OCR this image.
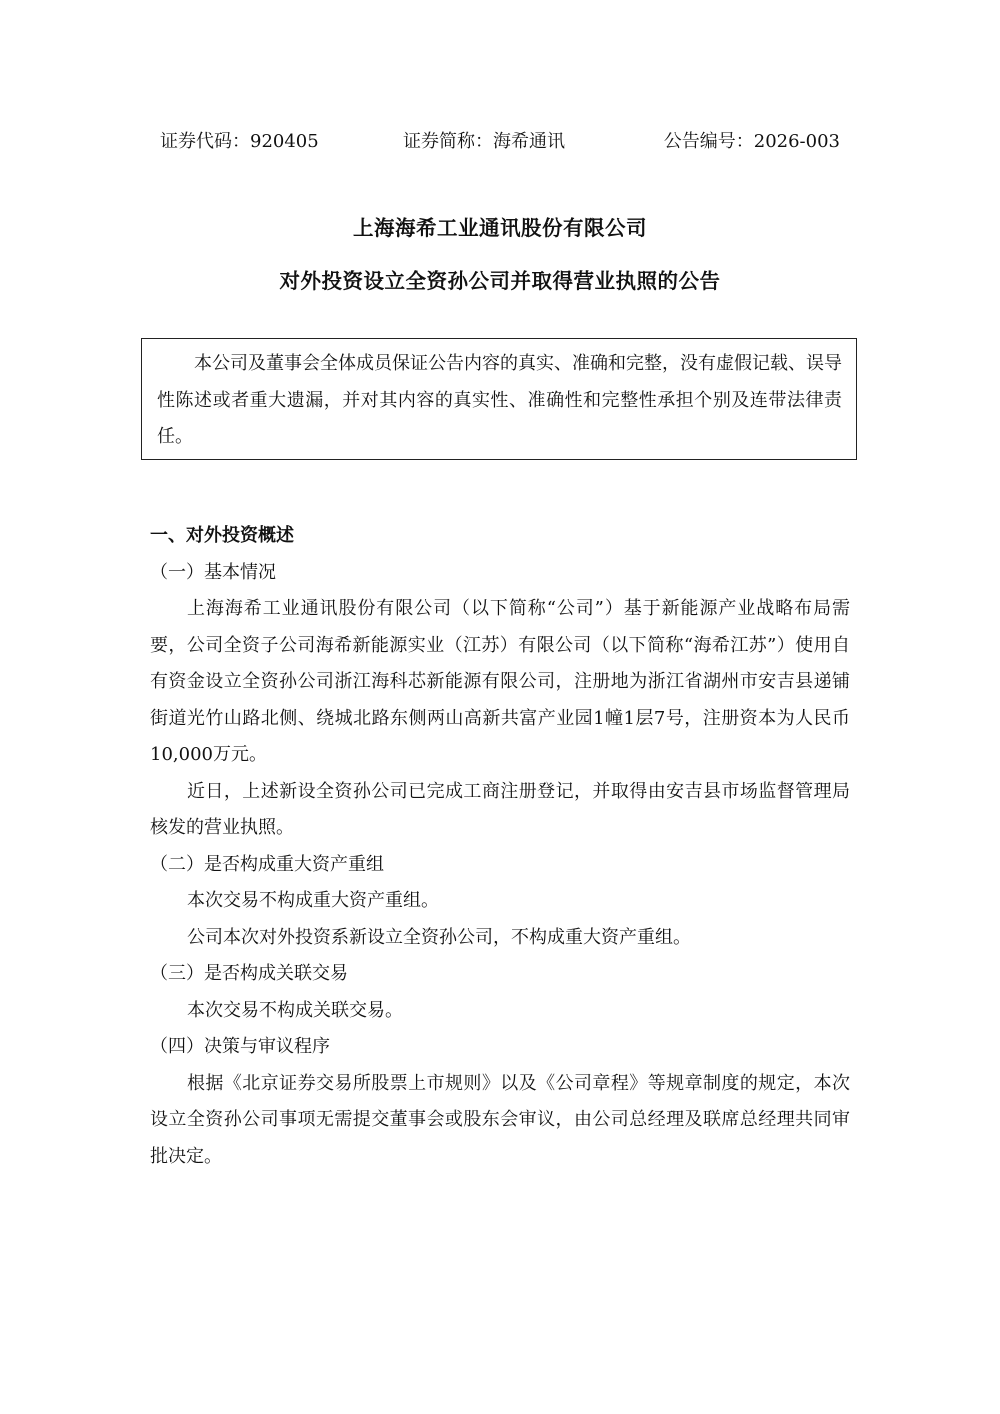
证券代码：920405	证券简称：海希通讯	公告编号：2026-003
上海海希工业通讯股份有限公司
对外投资设立全资孙公司并取得营业执照的公告

本公司及董事会全体成员保证公告内容的真实、准确和完整，没有虚假记载、误导性陈述或者重大遗漏，并对其内容的真实性、准确性和完整性承担个别及连带法律责任。

一、对外投资概述

（一）基本情况

上海海希工业通讯股份有限公司（以下简称“公司”）基于新能源产业战略布局需要，公司全资子公司海希新能源实业（江苏）有限公司（以下简称“海希江苏”）使用自有资金设立全资孙公司浙江海科芯新能源有限公司，注册地为浙江省湖州市安吉县递铺街道光竹山路北侧、绕城北路东侧两山高新共富产业园1幢1层7号，注册资本为人民币10,000万元。

近日，上述新设全资孙公司已完成工商注册登记，并取得由安吉县市场监督管理局核发的营业执照。

（二）是否构成重大资产重组

本次交易不构成重大资产重组。

公司本次对外投资系新设立全资孙公司，不构成重大资产重组。

（三）是否构成关联交易

本次交易不构成关联交易。

（四）决策与审议程序

根据《北京证券交易所股票上市规则》以及《公司章程》等规章制度的规定，本次设立全资孙公司事项无需提交董事会或股东会审议，由公司总经理及联席总经理共同审批决定。
